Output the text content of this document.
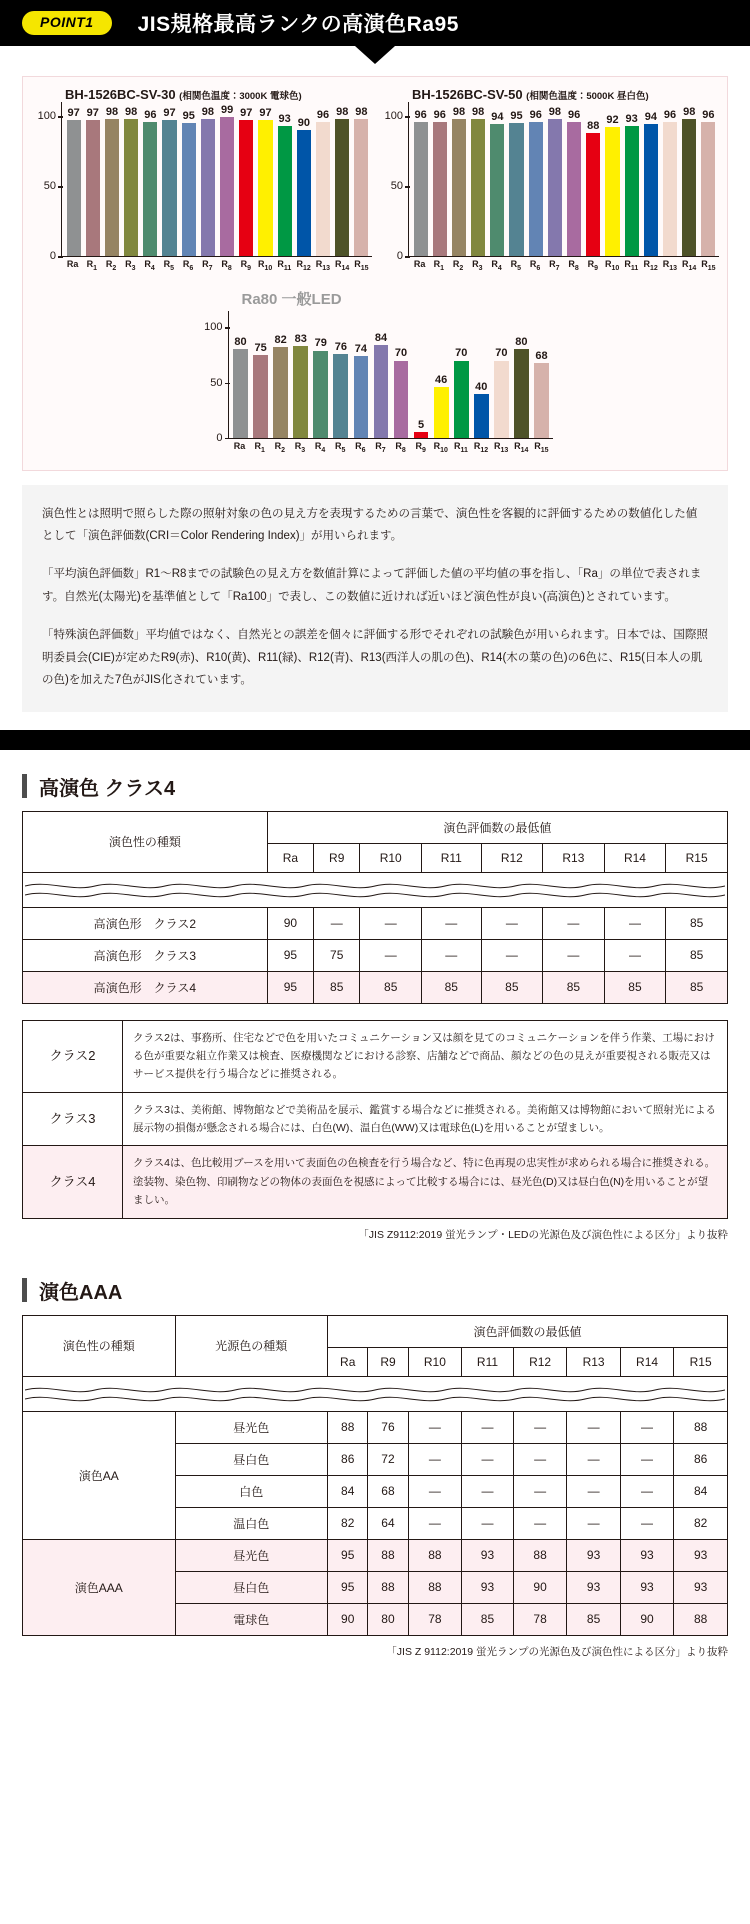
POINT1	JIS規格最高ランクの高演色Ra95
BH-1526BC-SV-30 (相関色温度：3000K 電球色)
97 97 98 98 96 97 95 98 99 97 97 93 90
96 98 98
0
50
100
Ra $R_1$ $R_2$ $R_3$ $R_4$ $R_5$ $R_6$ $R_7$ $R_8$ $R_9$ $R_{10}$ $R_{11}$ $R_{12}$ $R_{13}$ $R_{14}$ $R_{15}$
BH-1526BC-SV-50 (相関色温度：5000K 昼白色)
96 96 98 98 94 95 96 98 96
88 92 93 94 96 98 96
0
50
100
Ra $R_1$ $R_2$ $R_3$ $R_4$ $R_5$ $R_6$ $R_7$ $R_8$ $R_9$ $R_{10}$ $R_{11}$ $R_{12}$ $R_{13}$ $R_{14}$ $R_{15}$
Ra80 一般LED
80 75
82 83 79 76 74
84
70
5
46
70
40
70
80
68
0
50
100
Ra	$R_1$	$R_2$	$R_3$	$R_4$	$R_5$	$R_6$	$R_7$	$R_8$	$R_9$ $R_{10}$ $R_{11}$ $R_{12}$ $R_{13}$ $R_{14}$ $R_{15}$

演色性とは照明で照らした際の照射対象の色の見え方を表現するための言葉で、演色性を客観的に評価するための数値化した値として「演色評価数(CRI＝Color Rendering Index)」が用いられます。

「平均演色評価数」R1〜R8までの試験色の見え方を数値計算によって評価した値の平均値の事を指し、「Ra」の単位で表されます。自然光(太陽光)を基準値として「Ra100」で表し、この数値に近ければ近いほど演色性が良い(高演色)とされています。

「特殊演色評価数」平均値ではなく、自然光との誤差を個々に評価する形でそれぞれの試験色が用いられます。日本では、国際照明委員会(CIE)が定めたR9(赤)、R10(黄)、R11(緑)、R12(青)、R13(西洋人の肌の色)、R14(木の葉の色)の6色に、R15(日本人の肌の色)を加えた7色がJIS化されています。

高演色 クラス4
演色性の種類	演色評価数の最低値							
	Ra	R9	R10	R11	R12	R13	R14	R15

高演色形　クラス2	90	—	—	—	—	—	—	85
高演色形　クラス3	95	75	—	—	—	—	—	85
高演色形　クラス4	95	85	85	85	85	85	85	85
クラス2	クラス2は、事務所、住宅などで色を用いたコミュニケーション又は顔を見てのコミュニケーションを伴う作業、工場における色が重要な組立作業又は検査、医療機関などにおける診察、店舗などで商品、顔などの色の見えが重要視される販売又はサービス提供を行う場合などに推奨される。
クラス3	クラス3は、美術館、博物館などで美術品を展示、鑑賞する場合などに推奨される。美術館又は博物館において照射光による展示物の損傷が懸念される場合には、白色(W)、温白色(WW)又は電球色(L)を用いることが望ましい。
クラス4	クラス4は、色比較用ブースを用いて表面色の色検査を行う場合など、特に色再現の忠実性が求められる場合に推奨される。塗装物、染色物、印刷物などの物体の表面色を視感によって比較する場合には、昼光色(D)又は昼白色(N)を用いることが望ましい。
「JIS Z9112:2019 蛍光ランプ・LEDの光源色及び演色性による区分」より抜粋
演色AAA
演色性の種類	光源色の種類	演色評価数の最低値							
		Ra	R9	R10	R11	R12	R13	R14	R15

演色AA	昼光色	88	76	—	—	—	—	—	88
	昼白色	86	72	—	—	—	—	—	86
	白色	84	68	—	—	—	—	—	84
	温白色	82	64	—	—	—	—	—	82
演色AAA	昼光色	95	88	88	93	88	93	93	93
	昼白色	95	88	88	93	90	93	93	93
	電球色	90	80	78	85	78	85	90	88
「JIS Z 9112:2019 蛍光ランプの光源色及び演色性による区分」より抜粋
